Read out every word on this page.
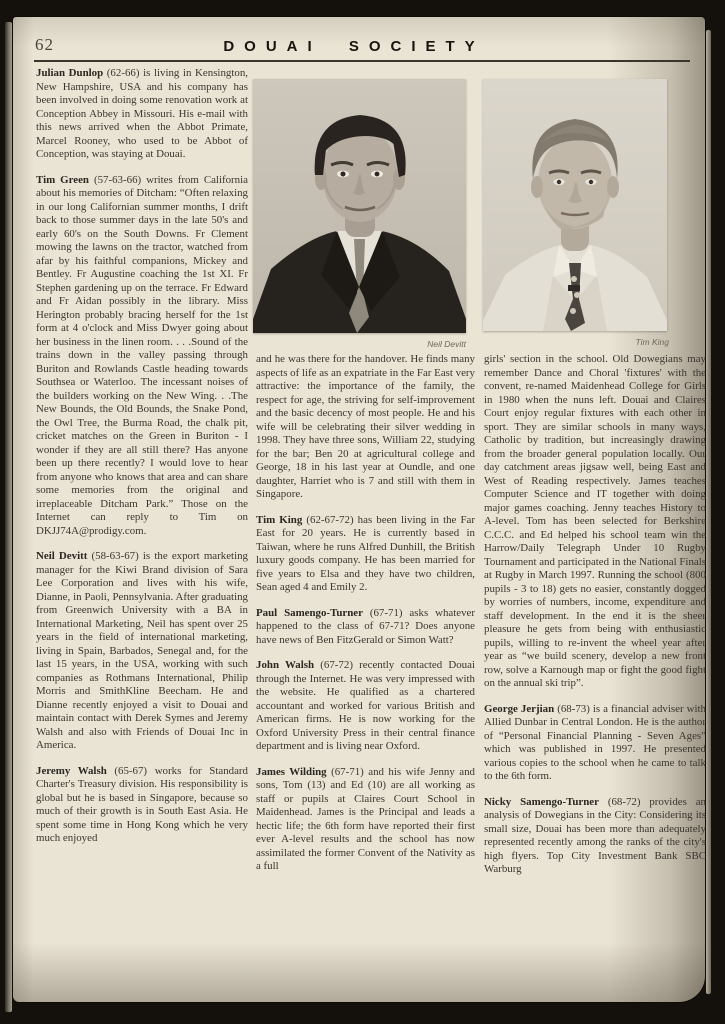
62	DOUAI SOCIETY
Neil Devitt	Tim King

Julian Dunlop (62-66) is living in Kensington, New Hampshire, USA and his company has been involved in doing some renovation work at Conception Abbey in Missouri. His e-mail with this news arrived when the Abbot Primate, Marcel Rooney, who used to be Abbot of Conception, was staying at Douai.

Tim Green (57-63-66) writes from California about his memories of Ditcham: “Often relaxing in our long Californian summer months, I drift back to those summer days in the late 50's and early 60's on the South Downs. Fr Clement mowing the lawns on the tractor, watched from afar by his faithful companions, Mickey and Bentley. Fr Augustine coaching the 1st XI. Fr Stephen gardening up on the terrace. Fr Edward and Fr Aidan possibly in the library. Miss Herington probably bracing herself for the 1st form at 4 o'clock and Miss Dwyer going about her business in the linen room. . . .Sound of the trains down in the valley passing through Buriton and Rowlands Castle heading towards Southsea or Waterloo. The incessant noises of the builders working on the New Wing. . .The New Bounds, the Old Bounds, the Snake Pond, the Owl Tree, the Burma Road, the chalk pit, cricket matches on the Green in Buriton - I wonder if they are all still there? Has anyone been up there recently? I would love to hear from anyone who knows that area and can share some memories from the original and irreplaceable Ditcham Park.” Those on the Internet can reply to Tim on DKJJ74A@prodigy.com.

Neil Devitt (58-63-67) is the export marketing manager for the Kiwi Brand division of Sara Lee Corporation and lives with his wife, Dianne, in Paoli, Pennsylvania. After graduating from Greenwich University with a BA in International Marketing, Neil has spent over 25 years in the field of international marketing, living in Spain, Barbados, Senegal and, for the last 15 years, in the USA, working with such companies as Rothmans International, Philip Morris and SmithKline Beecham. He and Dianne recently enjoyed a visit to Douai and maintain contact with Derek Symes and Jeremy Walsh and also with Friends of Douai Inc in America.

Jeremy Walsh (65-67) works for Standard Charter's Treasury division. His responsibility is global but he is based in Singapore, because so much of their growth is in South East Asia. He spent some time in Hong Kong which he very much enjoyed

and he was there for the handover. He finds many aspects of life as an expatriate in the Far East very attractive: the importance of the family, the respect for age, the striving for self-improvement and the basic decency of most people. He and his wife will be celebrating their silver wedding in 1998. They have three sons, William 22, studying for the bar; Ben 20 at agricultural college and George, 18 in his last year at Oundle, and one daughter, Harriet who is 7 and still with them in Singapore.

Tim King (62-67-72) has been living in the Far East for 20 years. He is currently based in Taiwan, where he runs Alfred Dunhill, the British luxury goods company. He has been married for five years to Elsa and they have two children, Sean aged 4 and Emily 2.

Paul Samengo-Turner (67-71) asks whatever happened to the class of 67-71? Does anyone have news of Ben FitzGerald or Simon Watt?

John Walsh (67-72) recently contacted Douai through the Internet. He was very impressed with the website. He qualified as a chartered accountant and worked for various British and American firms. He is now working for the Oxford University Press in their central finance department and is living near Oxford.

James Wilding (67-71) and his wife Jenny and sons, Tom (13) and Ed (10) are all working as staff or pupils at Claires Court School in Maidenhead. James is the Principal and leads a hectic life; the 6th form have reported their first ever A-level results and the school has now assimilated the former Convent of the Nativity as a full

girls' section in the school. Old Dowegians may remember Dance and Choral 'fixtures' with the convent, re-named Maidenhead College for Girls in 1980 when the nuns left. Douai and Claires Court enjoy regular fixtures with each other in sport. They are similar schools in many ways, Catholic by tradition, but increasingly drawing from the broader general population locally. Our day catchment areas jigsaw well, being East and West of Reading respectively. James teaches Computer Science and IT together with doing major games coaching. Jenny teaches History to A-level. Tom has been selected for Berkshire C.C.C. and Ed helped his school team win the Harrow/Daily Telegraph Under 10 Rugby Tournament and participated in the National Finals at Rugby in March 1997. Running the school (800 pupils - 3 to 18) gets no easier, constantly dogged by worries of numbers, income, expenditure and staff development. In the end it is the sheer pleasure he gets from being with enthusiastic pupils, willing to re-invent the wheel year after year as “we build scenery, develop a new front row, solve a Karnough map or fight the good fight on the annual ski trip”.

George Jerjian (68-73) is a financial adviser with Allied Dunbar in Central London. He is the author of “Personal Financial Planning - Seven Ages” which was published in 1997. He presented various copies to the school when he came to talk to the 6th form.

Nicky Samengo-Turner (68-72) provides an analysis of Dowegians in the City: Considering its small size, Douai has been more than adequately represented recently among the ranks of the city's high flyers. Top City Investment Bank SBC Warburg
